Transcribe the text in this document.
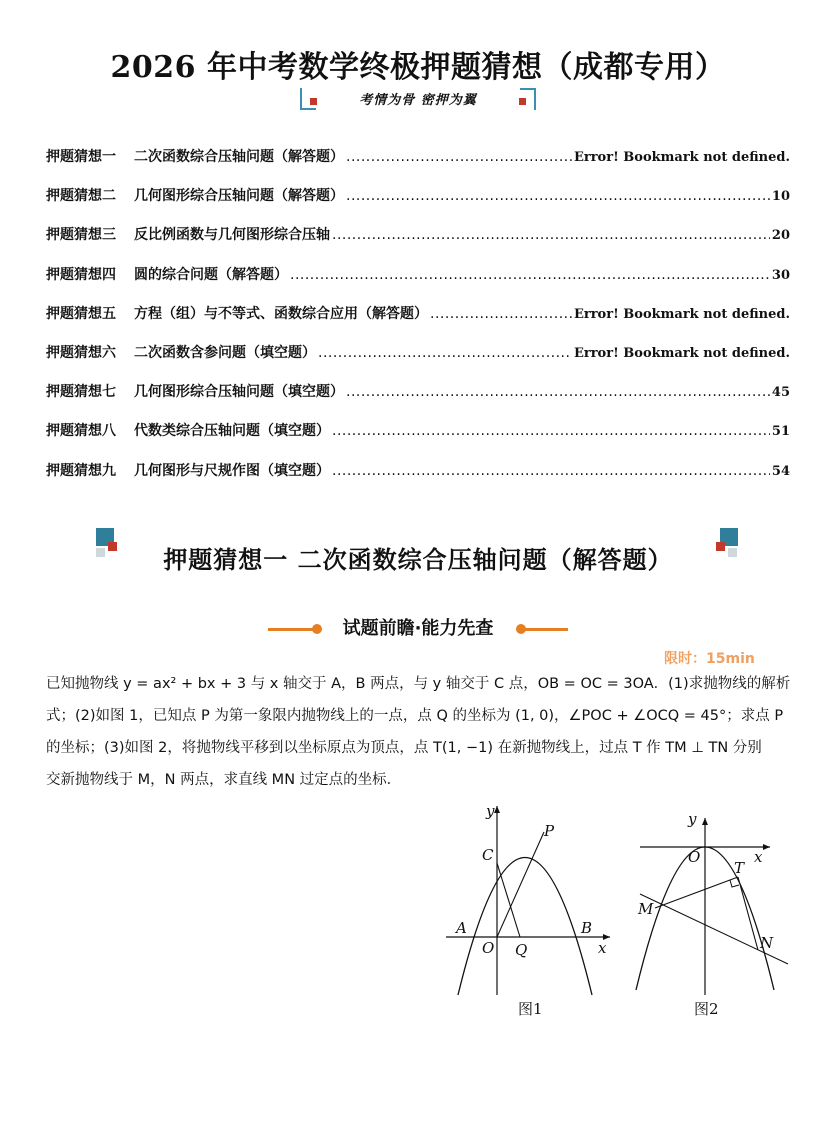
2026 年中考数学终极押题猜想（成都专用）
考情为骨 密押为翼
押题猜想一 二次函数综合压轴问题（解答题） .....	Error! Bookmark not defined.
押题猜想二 几何图形综合压轴问题（解答题） .....	10
押题猜想三 反比例函数与几何图形综合压轴 .....	20
押题猜想四 圆的综合问题（解答题） .....	30
押题猜想五 方程（组）与不等式、函数综合应用（解答题） .....	Error! Bookmark not defined.
押题猜想六 二次函数含参问题（填空题） .....	Error! Bookmark not defined.
押题猜想七 几何图形综合压轴问题（填空题） .....	45
押题猜想八 代数类综合压轴问题（填空题） .....	51
押题猜想九 几何图形与尺规作图（填空题） .....	54
押题猜想一 二次函数综合压轴问题（解答题）
试题前瞻·能力先查
限时：15min
已知抛物线 y = ax² + bx + 3 与 x 轴交于 A，B 两点，与 y 轴交于 C 点，OB = OC = 3OA．(1)求抛物线的解析
式；(2)如图 1，已知点 P 为第一象限内抛物线上的一点，点 Q 的坐标为 (1, 0)，∠POC + ∠OCQ = 45°；求点 P
的坐标；(3)如图 2，将抛物线平移到以坐标原点为顶点，点 T(1, −1) 在新抛物线上，过点 T 作 TM ⊥ TN 分别
交新抛物线于 M，N 两点，求直线 MN 过定点的坐标．
y
x
C
P
A
O Q
B
图1
y
x
O
T
M
N
图2
